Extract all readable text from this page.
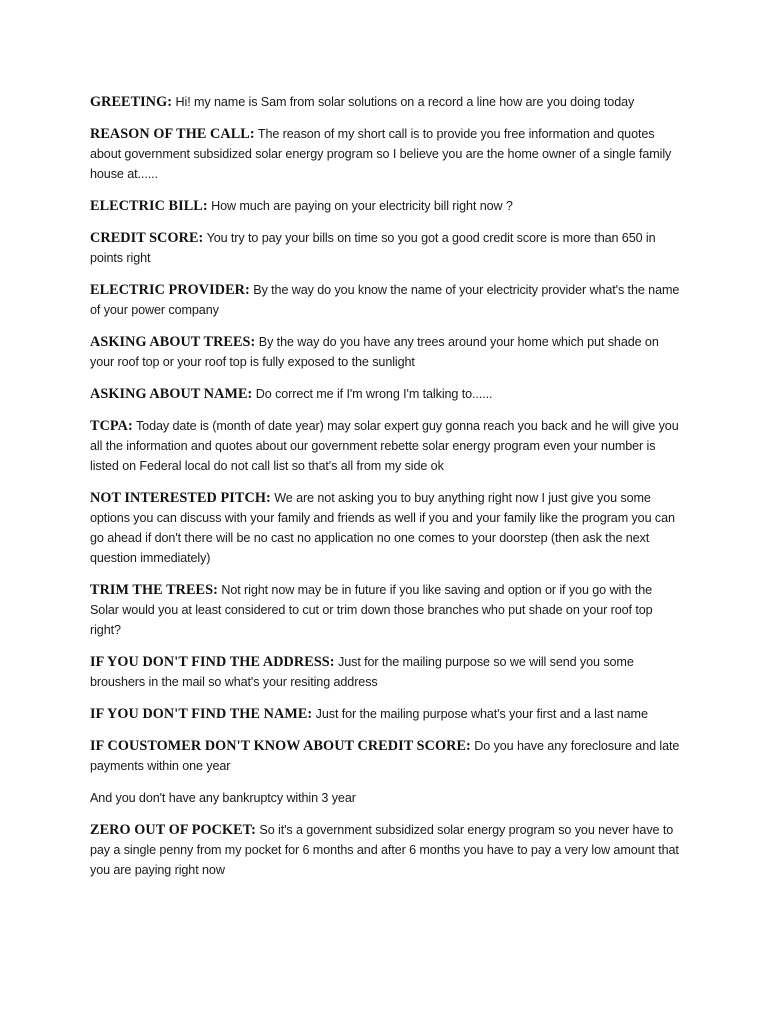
GREETING: Hi! my name is Sam from solar solutions on a record a line how are you doing today

REASON OF THE CALL: The reason of my short call is to provide you free information and quotes about government subsidized solar energy program so I believe you are the home owner of a single family house at......

ELECTRIC BILL: How much are paying on your electricity bill right now ?

CREDIT SCORE: You try to pay your bills on time so you got a good credit score is more than 650 in points right

ELECTRIC PROVIDER: By the way do you know the name of your electricity provider what's the name of your power company

ASKING ABOUT TREES: By the way do you have any trees around your home which put shade on your roof top or your roof top is fully exposed to the sunlight

ASKING ABOUT NAME: Do correct me if I'm wrong I'm talking to......

TCPA: Today date is (month of date year) may solar expert guy gonna reach you back and he will give you all the information and quotes about our government rebette solar energy program even your number is listed on Federal local do not call list so that's all from my side ok

NOT INTERESTED PITCH: We are not asking you to buy anything right now I just give you some options you can discuss with your family and friends as well if you and your family like the program you can go ahead if don't there will be no cast no application no one comes to your doorstep (then ask the next question immediately)

TRIM THE TREES: Not right now may be in future if you like saving and option or if you go with the Solar would you at least considered to cut or trim down those branches who put shade on your roof top right?

IF YOU DON'T FIND THE ADDRESS: Just for the mailing purpose so we will send you some broushers in the mail so what's your resiting address

IF YOU DON'T FIND THE NAME: Just for the mailing purpose what's your first and a last name

IF COUSTOMER DON'T KNOW ABOUT CREDIT SCORE: Do you have any foreclosure and late payments within one year

And you don't have any bankruptcy within 3 year

ZERO OUT OF POCKET: So it's a government subsidized solar energy program so you never have to pay a single penny from my pocket for 6 months and after 6 months you have to pay a very low amount that you are paying right now
